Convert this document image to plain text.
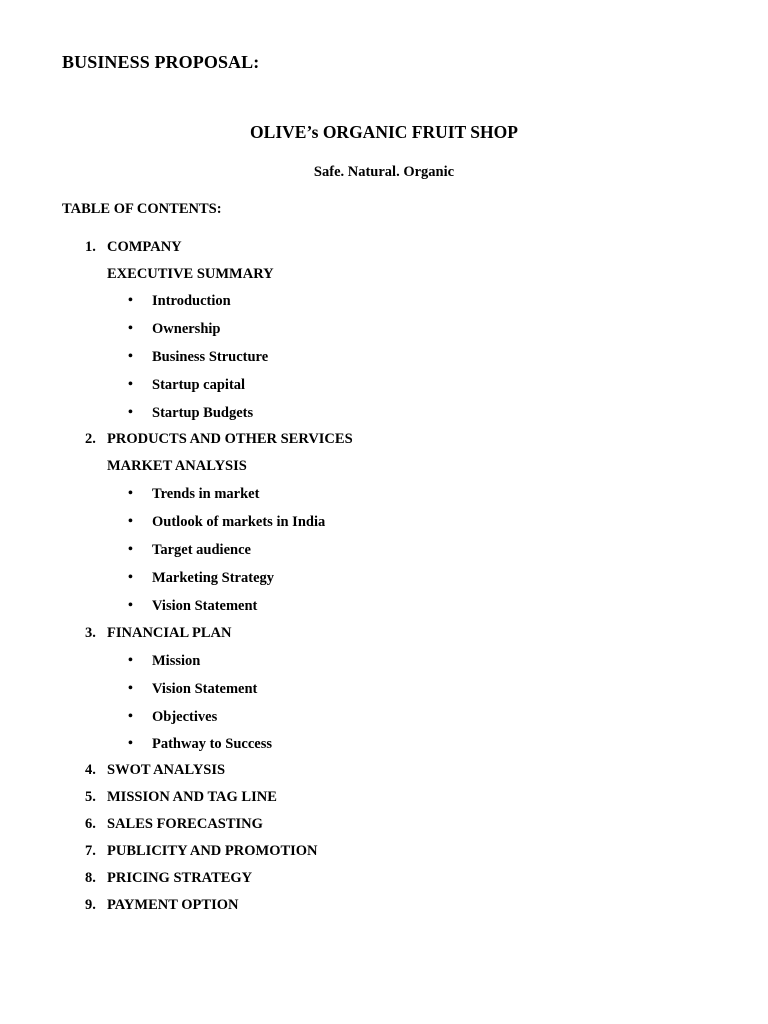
BUSINESS PROPOSAL:
OLIVE’s ORGANIC FRUIT SHOP
Safe. Natural. Organic
TABLE OF CONTENTS:
1. COMPANY
EXECUTIVE SUMMARY
• Introduction
• Ownership
• Business Structure
• Startup capital
• Startup Budgets
2. PRODUCTS AND OTHER SERVICES
MARKET ANALYSIS
• Trends in market
• Outlook of markets in India
• Target audience
• Marketing Strategy
• Vision Statement
3. FINANCIAL PLAN
• Mission
• Vision Statement
• Objectives
• Pathway to Success
4. SWOT ANALYSIS
5. MISSION AND TAG LINE
6. SALES FORECASTING
7. PUBLICITY AND PROMOTION
8. PRICING STRATEGY
9. PAYMENT OPTION
